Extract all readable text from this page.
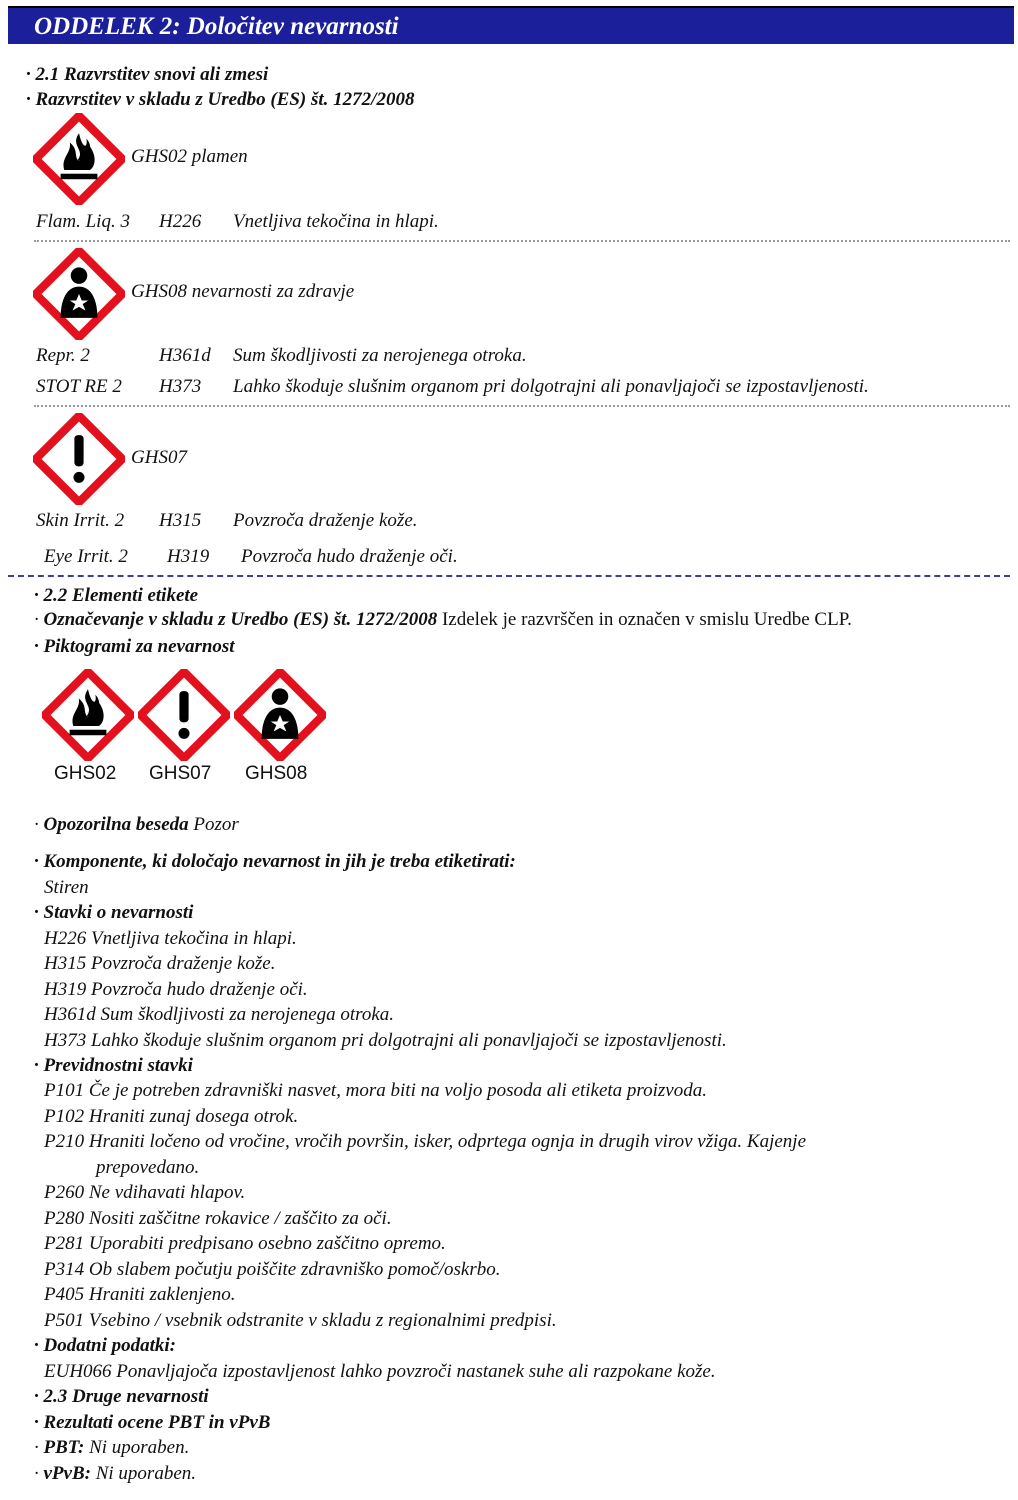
ODDELEK 2: Določitev nevarnosti
· 2.1 Razvrstitev snovi ali zmesi
· Razvrstitev v skladu z Uredbo (ES) št. 1272/2008
GHS02 plamen
Flam. Liq. 3 H226 Vnetljiva tekočina in hlapi.
GHS08 nevarnosti za zdravje
Repr. 2	H361d Sum škodljivosti za nerojenega otroka.
STOT RE 2 H373 Lahko škoduje slušnim organom pri dolgotrajni ali ponavljajoči se izpostavljenosti.
GHS07
Skin Irrit. 2 H315 Povzroča draženje kože.
Eye Irrit. 2 H319 Povzroča hudo draženje oči.
· 2.2 Elementi etikete
· Označevanje v skladu z Uredbo (ES) št. 1272/2008 Izdelek je razvrščen in označen v smislu Uredbe CLP.
· Piktogrami za nevarnost
GHS02 GHS07 GHS08
· Opozorilna beseda Pozor
· Komponente, ki določajo nevarnost in jih je treba etiketirati:
Stiren
· Stavki o nevarnosti
H226 Vnetljiva tekočina in hlapi.
H315 Povzroča draženje kože.
H319 Povzroča hudo draženje oči.
H361d Sum škodljivosti za nerojenega otroka.
H373 Lahko škoduje slušnim organom pri dolgotrajni ali ponavljajoči se izpostavljenosti.
· Previdnostni stavki
P101 Če je potreben zdravniški nasvet, mora biti na voljo posoda ali etiketa proizvoda.
P102 Hraniti zunaj dosega otrok.
P210 Hraniti ločeno od vročine, vročih površin, isker, odprtega ognja in drugih virov vžiga. Kajenje
prepovedano.
P260 Ne vdihavati hlapov.
P280 Nositi zaščitne rokavice / zaščito za oči.
P281 Uporabiti predpisano osebno zaščitno opremo.
P314 Ob slabem počutju poiščite zdravniško pomoč/oskrbo.
P405 Hraniti zaklenjeno.
P501 Vsebino / vsebnik odstranite v skladu z regionalnimi predpisi.
· Dodatni podatki:
EUH066 Ponavljajoča izpostavljenost lahko povzroči nastanek suhe ali razpokane kože.
· 2.3 Druge nevarnosti
· Rezultati ocene PBT in vPvB
· PBT: Ni uporaben.
· vPvB: Ni uporaben.
